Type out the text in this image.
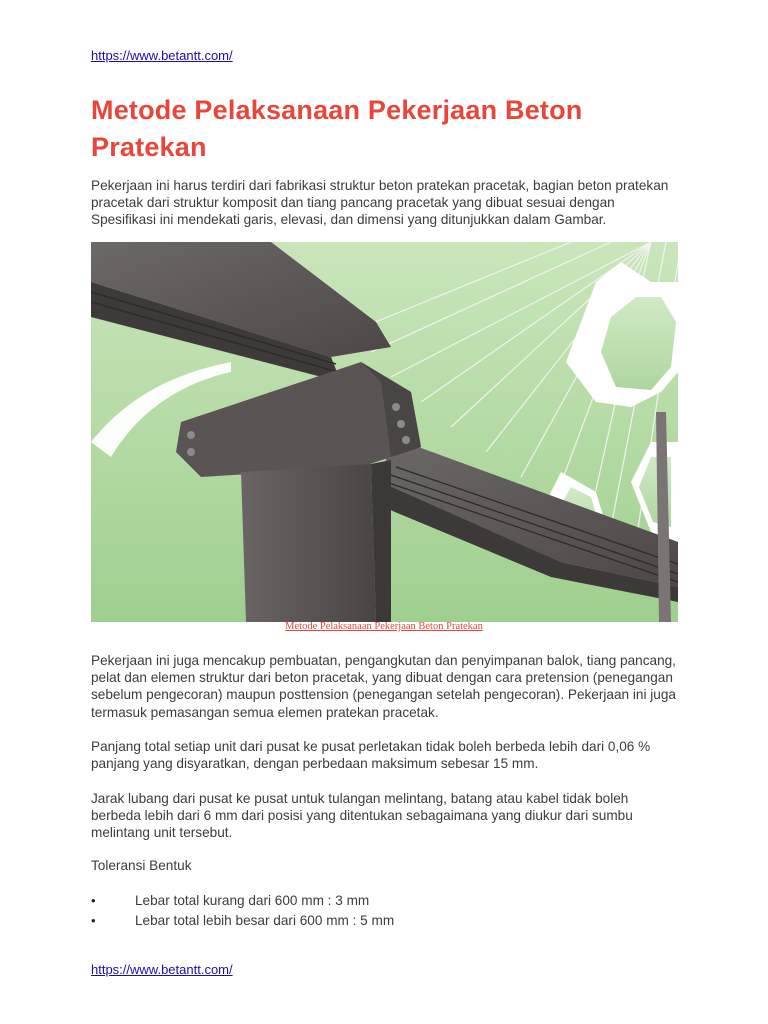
https://www.betantt.com/
Metode Pelaksanaan Pekerjaan Beton Pratekan

Pekerjaan ini harus terdiri dari fabrikasi struktur beton pratekan pracetak, bagian beton pratekan pracetak dari struktur komposit dan tiang pancang pracetak yang dibuat sesuai dengan Spesifikasi ini mendekati garis, elevasi, dan dimensi yang ditunjukkan dalam Gambar.

Metode Pelaksanaan Pekerjaan Beton Pratekan

Pekerjaan ini juga mencakup pembuatan, pengangkutan dan penyimpanan balok, tiang pancang, pelat dan elemen struktur dari beton pracetak, yang dibuat dengan cara pretension (penegangan sebelum pengecoran) maupun posttension (penegangan setelah pengecoran). Pekerjaan ini juga termasuk pemasangan semua elemen pratekan pracetak.

Panjang total setiap unit dari pusat ke pusat perletakan tidak boleh berbeda lebih dari 0,06 % panjang yang disyaratkan, dengan perbedaan maksimum sebesar 15 mm.

Jarak lubang dari pusat ke pusat untuk tulangan melintang, batang atau kabel tidak boleh berbeda lebih dari 6 mm dari posisi yang ditentukan sebagaimana yang diukur dari sumbu melintang unit tersebut.

Toleransi Bentuk

•	Lebar total kurang dari 600 mm : 3 mm
•	Lebar total lebih besar dari 600 mm : 5 mm
https://www.betantt.com/
